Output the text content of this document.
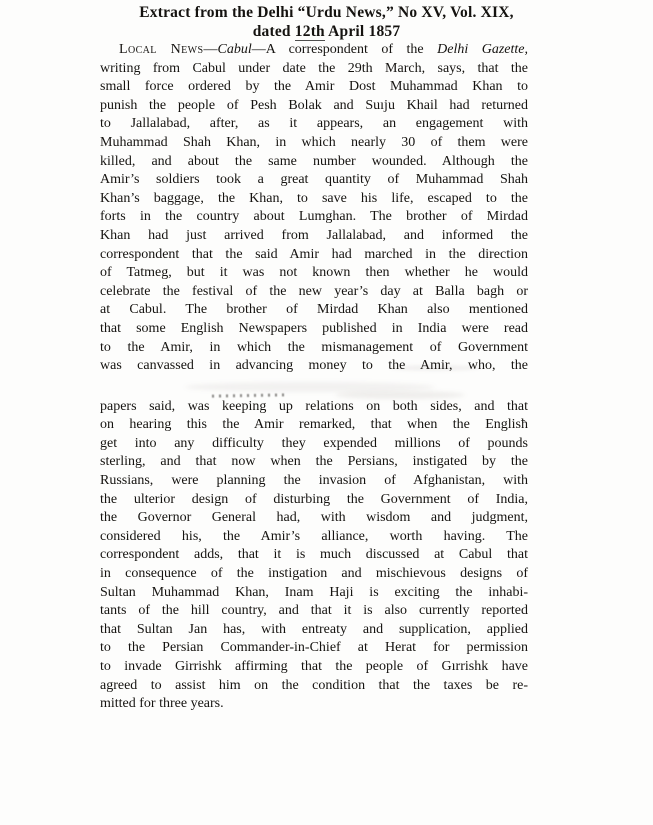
Extract from the Delhi “Urdu News,” No XV, Vol. XIX,
dated 12th April 1857
Local News—Cabul—A correspondent of the Delhi Gazette,
writing from Cabul under date the 29th March, says, that the
small force ordered by the Amir Dost Muhammad Khan to
punish the people of Pesh Bolak and Suıju Khail had returned
to Jallalabad, after, as it appears, an engagement with
Muhammad Shah Khan, in which nearly 30 of them were
killed, and about the same number wounded. Although the
Amir’s soldiers took a great quantity of Muhammad Shah
Khan’s baggage, the Khan, to save his life, escaped to the
forts in the country about Lumghan. The brother of Mirdad
Khan had just arrived from Jallalabad, and informed the
correspondent that the said Amir had marched in the direction
of Tatmeg, but it was not known then whether he would
celebrate the festival of the new year’s day at Balla bagh or
at Cabul. The brother of Mirdad Khan also mentioned
that some English Newspapers published in India were read
to the Amir, in which the mismanagement of Government
was canvassed in advancing money to the Amir, who, the
papers said, was keeping up relations on both sides, and that
on hearing this the Amir remarked, that when the Englisħ
get into any difficulty they expended millions of pounds
sterling, and that now when the Persians, instigated by the
Russians, were planning the invasion of Afghanistan, with
the ulterior design of disturbing the Government of India,
the Governor General had, with wisdom and judgment,
considered his, the Amir’s alliance, worth having. The
correspondent adds, that it is much discussed at Cabul that
in consequence of the instigation and mischievous designs of
Sultan Muhammad Khan, Inam Haji is exciting the inhabi-
tants of the hill country, and that it is also currently reported
that Sultan Jan has, with entreaty and supplication, applied
to the Persian Commander-in-Chief at Herat for permission
to invade Girrishk affirming that the people of Gırrishk have
agreed to assist him on the condition that the taxes be re-
mitted for three years.
